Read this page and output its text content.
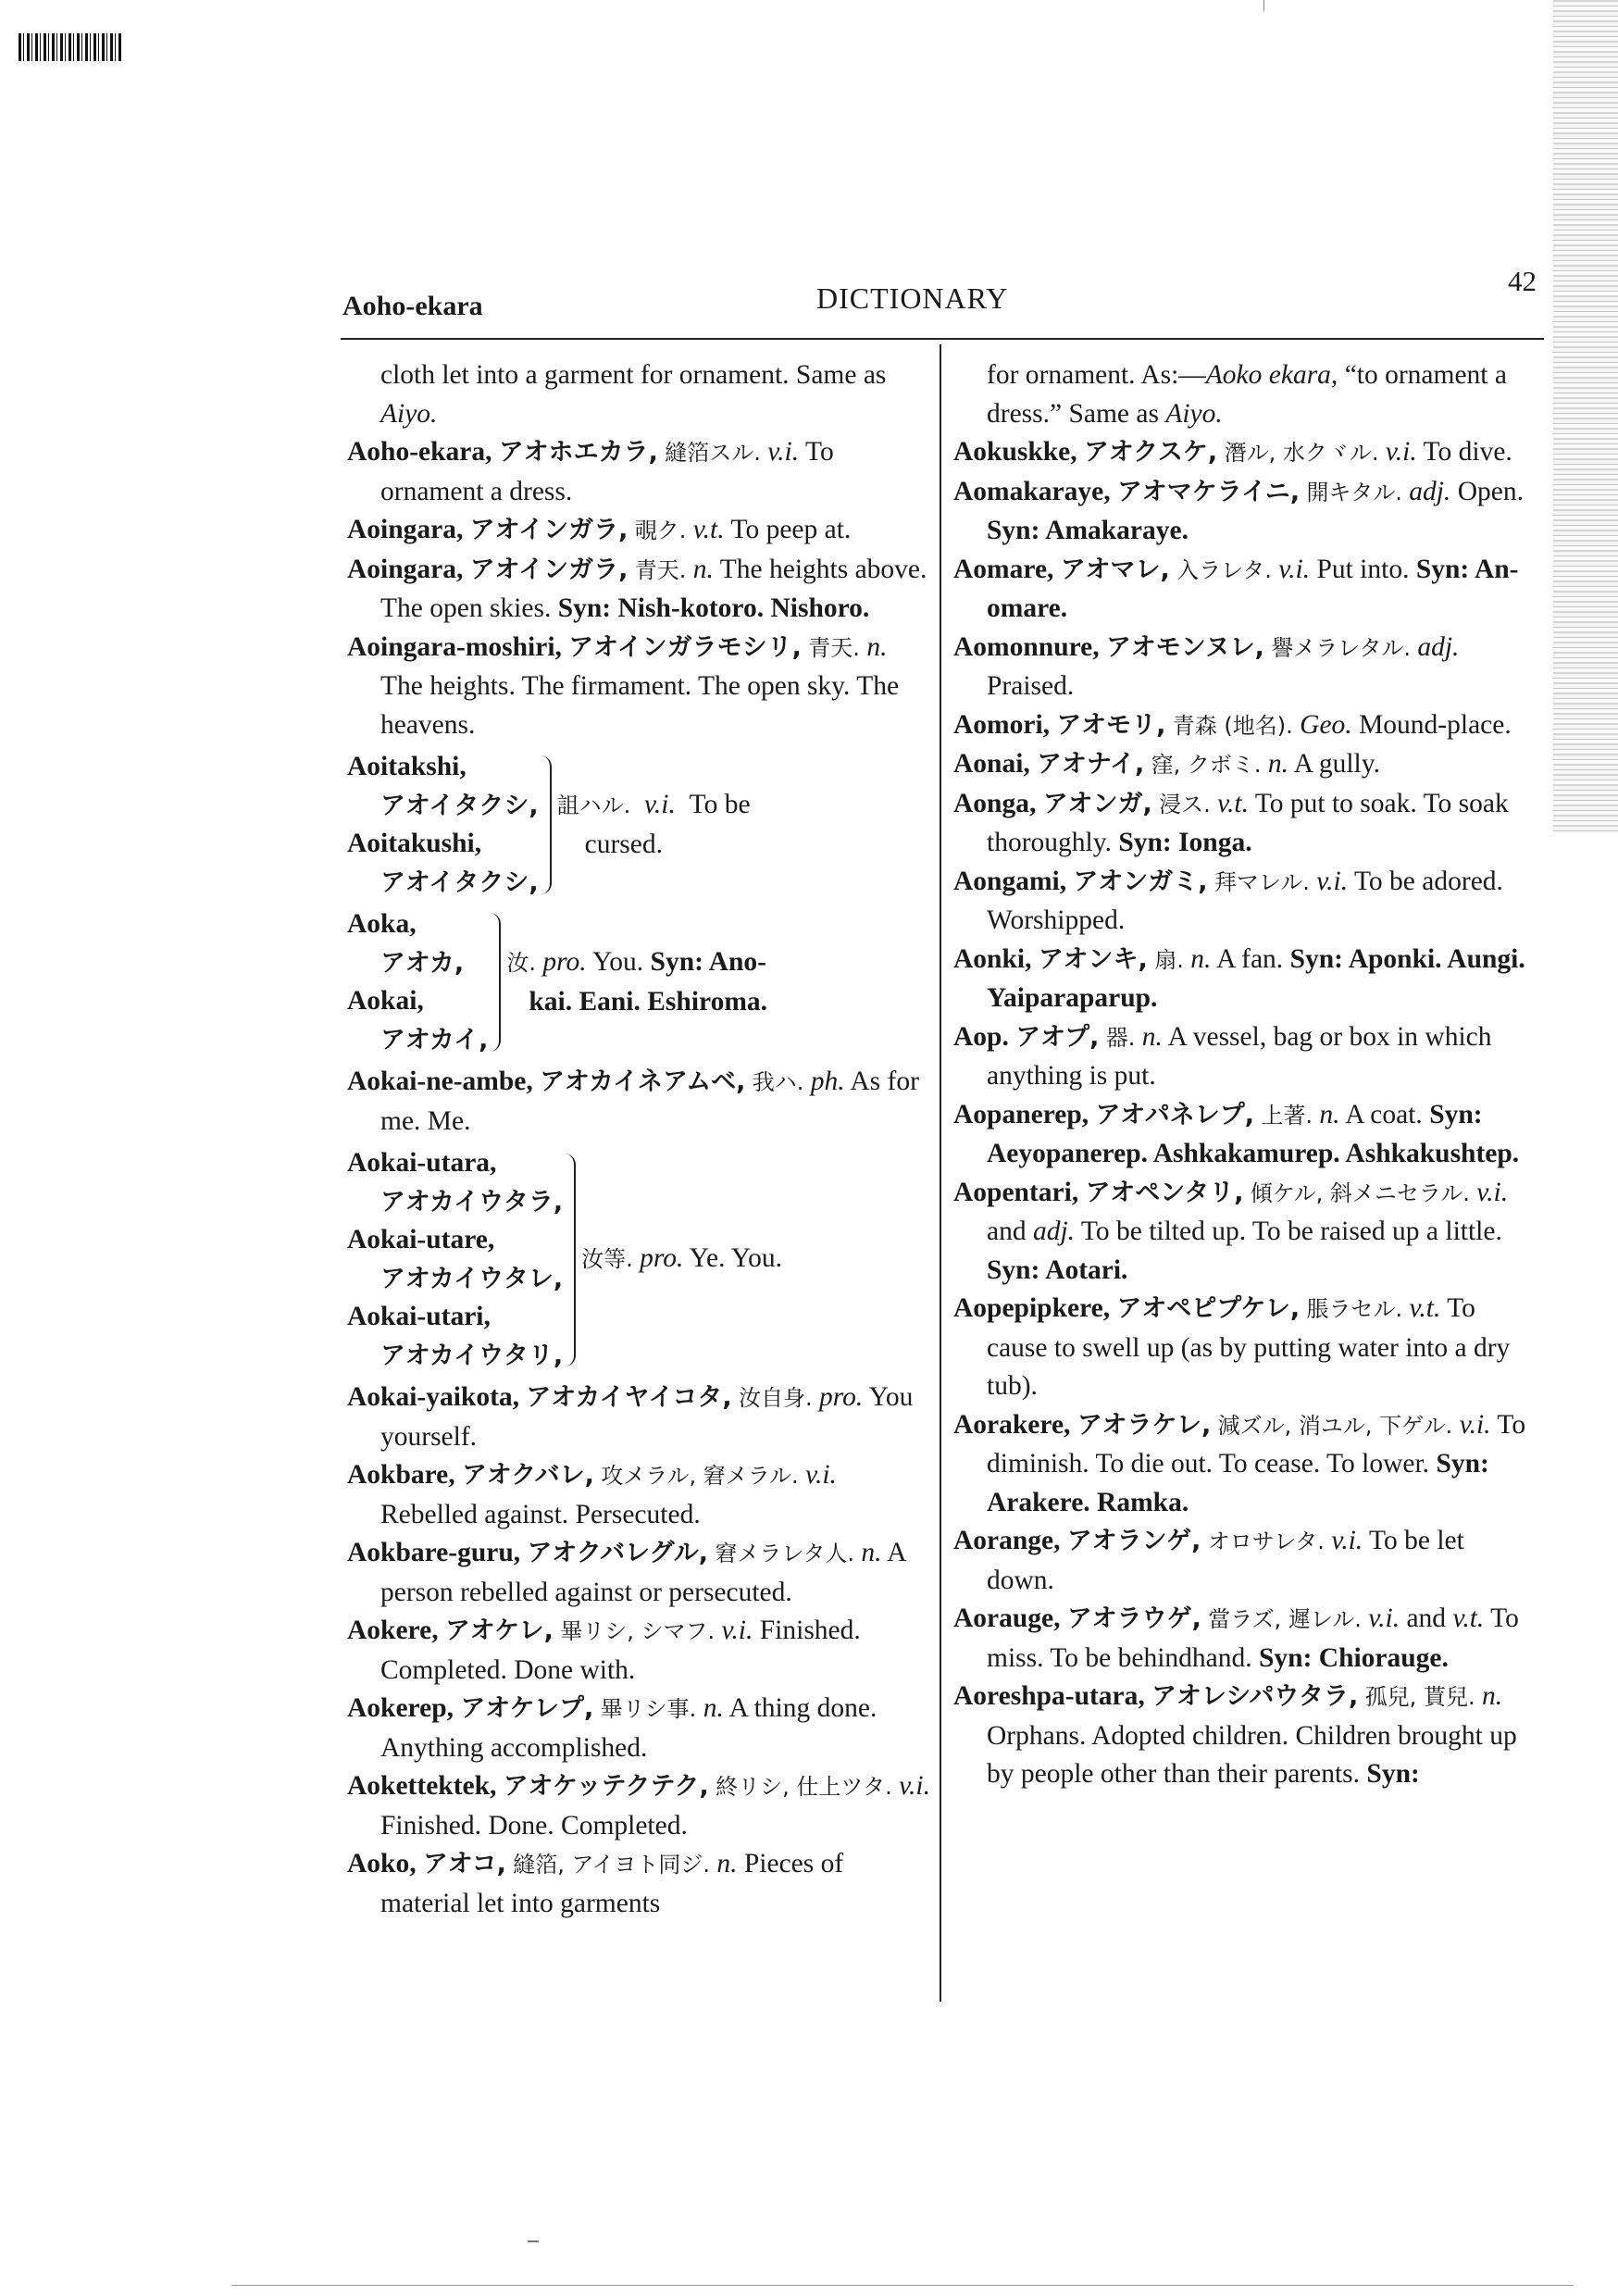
Aoho-ekara	DICTIONARY
42

cloth let into a garment for ornament. Same as Aiyo.

Aoho-ekara, アオホエカラ, 縫箔スル. v.i. To ornament a dress.

Aoingara, アオインガラ, 覗ク. v.t. To peep at.

Aoingara, アオインガラ, 青天. n. The heights above. The open skies. Syn: Nish-kotoro. Nishoro.

Aoingara-moshiri, アオインガラモシリ, 青天. n. The heights. The firmament. The open sky. The heavens.

Aoitakshi,
アオイタクシ,
Aoitakushi,
アオイタクシ,
詛ハル. v.i. To be
cursed.
Aoka,
アオカ,
Aokai,
アオカイ,
汝. pro. You. Syn: Ano-
kai. Eani. Eshiroma.

Aokai-ne-ambe, アオカイネアムベ, 我ハ. ph. As for me. Me.

Aokai-utara,
アオカイウタラ,
Aokai-utare,
アオカイウタレ,
Aokai-utari,
アオカイウタリ,
汝等. pro. Ye. You.

Aokai-yaikota, アオカイヤイコタ, 汝自身. pro. You yourself.

Aokbare, アオクバレ, 攻メラル, 窘メラル. v.i. Rebelled against. Persecuted.

Aokbare-guru, アオクバレグル, 窘メラレタ人. n. A person rebelled against or persecuted.

Aokere, アオケレ, 畢リシ, シマフ. v.i. Finished. Completed. Done with.

Aokerep, アオケレプ, 畢リシ事. n. A thing done. Anything accomplished.

Aokettektek, アオケッテクテク, 終リシ, 仕上ツタ. v.i. Finished. Done. Completed.

Aoko, アオコ, 縫箔, アイヨト同ジ. n. Pieces of material let into garments

for ornament. As:—Aoko ekara, “to ornament a dress.” Same as Aiyo.

Aokuskke, アオクスケ, 潛ル, 水クヾル. v.i. To dive.

Aomakaraye, アオマケライニ, 開キタル. adj. Open. Syn: Amakaraye.

Aomare, アオマレ, 入ラレタ. v.i. Put into. Syn: An-omare.

Aomonnure, アオモンヌレ, 譽メラレタル. adj. Praised.

Aomori, アオモリ, 青森 (地名). Geo. Mound-place.

Aonai, アオナイ, 窪, クボミ. n. A gully.

Aonga, アオンガ, 浸ス. v.t. To put to soak. To soak thoroughly. Syn: Ionga.

Aongami, アオンガミ, 拜マレル. v.i. To be adored. Worshipped.

Aonki, アオンキ, 扇. n. A fan. Syn: Aponki. Aungi. Yaiparaparup.

Aop. アオプ, 器. n. A vessel, bag or box in which anything is put.

Aopanerep, アオパネレプ, 上著. n. A coat. Syn: Aeyopanerep. Ashkakamurep. Ashkakushtep.

Aopentari, アオペンタリ, 傾ケル, 斜メニセラル. v.i. and adj. To be tilted up. To be raised up a little. Syn: Aotari.

Aopepipkere, アオペピプケレ, 脹ラセル. v.t. To cause to swell up (as by putting water into a dry tub).

Aorakere, アオラケレ, 減ズル, 消ユル, 下ゲル. v.i. To diminish. To die out. To cease. To lower. Syn: Arakere. Ramka.

Aorange, アオランゲ, オロサレタ. v.i. To be let down.

Aorauge, アオラウゲ, 當ラズ, 遲レル. v.i. and v.t. To miss. To be behindhand. Syn: Chiorauge.

Aoreshpa-utara, アオレシパウタラ, 孤兒, 貰兒. n. Orphans. Adopted children. Children brought up by people other than their parents. Syn:
